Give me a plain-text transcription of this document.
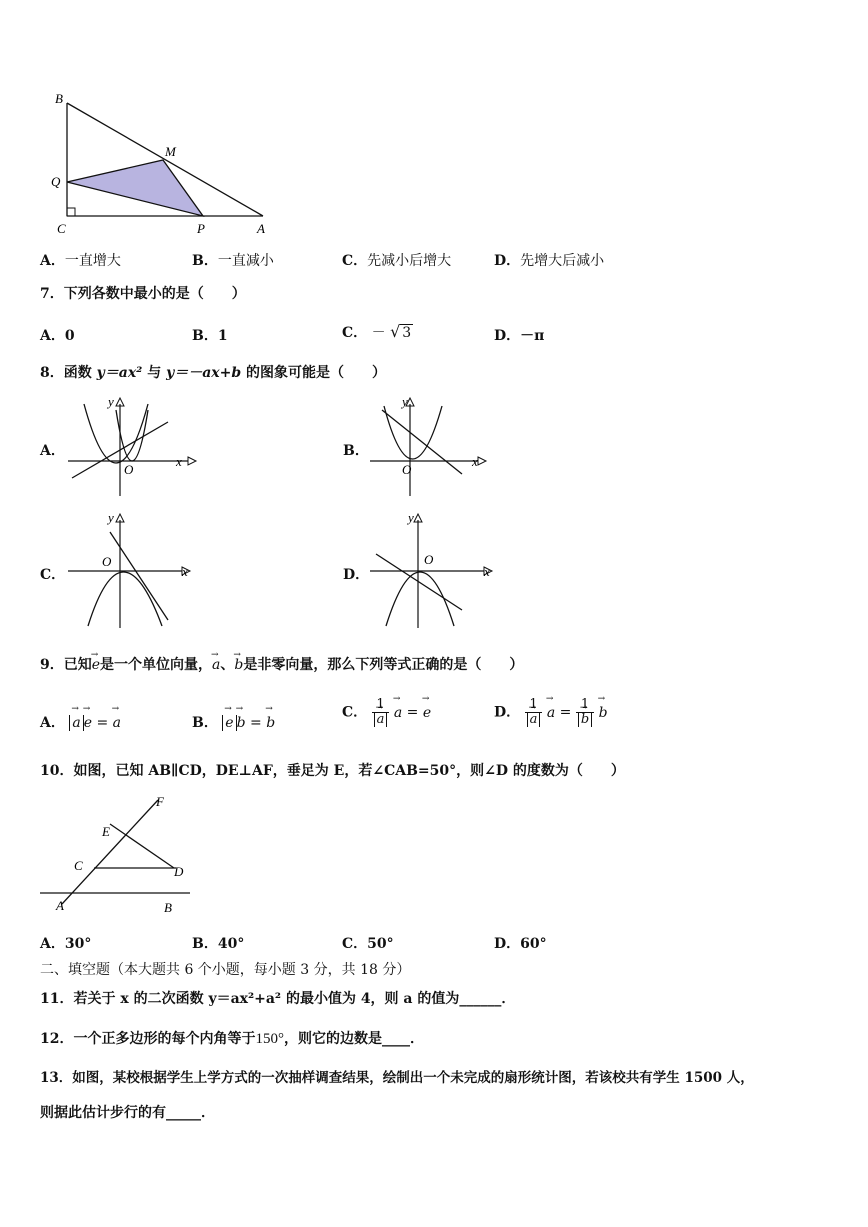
B
M
Q
C	P	A
A．一直增大	B．一直减小	C．先减小后增大	D．先增大后减小
7．下列各数中最小的是（　　）
A．0	B．1	C． － √ 3	D．－π
8．函数 y＝ax² 与 y＝－ax+b 的图象可能是（　　）
A．
y
x
O
B．
y
x
O
C．
y
x
O
D．
y
x
O
9．已知→ e是一个单位向量，→ a、→ b是非零向量，那么下列等式正确的是（　　）
A． → a → e = → a	B． → e → b = → b
C． 1
→ a → a = → e	D． 1
→ a → a = 1
→ b → b
10．如图，已知 AB∥CD，DE⊥AF，垂足为 E，若∠CAB=50°，则∠D 的度数为（　　）
F
E
C	D
A	B
A．30°	B．40°	C．50°	D．60°
二、填空题（本大题共 6 个小题，每小题 3 分，共 18 分）
11．若关于 x 的二次函数 y＝ax²+a² 的最小值为 4，则 a 的值为______．
12．一个正多边形的每个内角等于150°，则它的边数是____．
13．如图，某校根据学生上学方式的一次抽样调查结果，绘制出一个未完成的扇形统计图，若该校共有学生 1500 人，
则据此估计步行的有_____．
